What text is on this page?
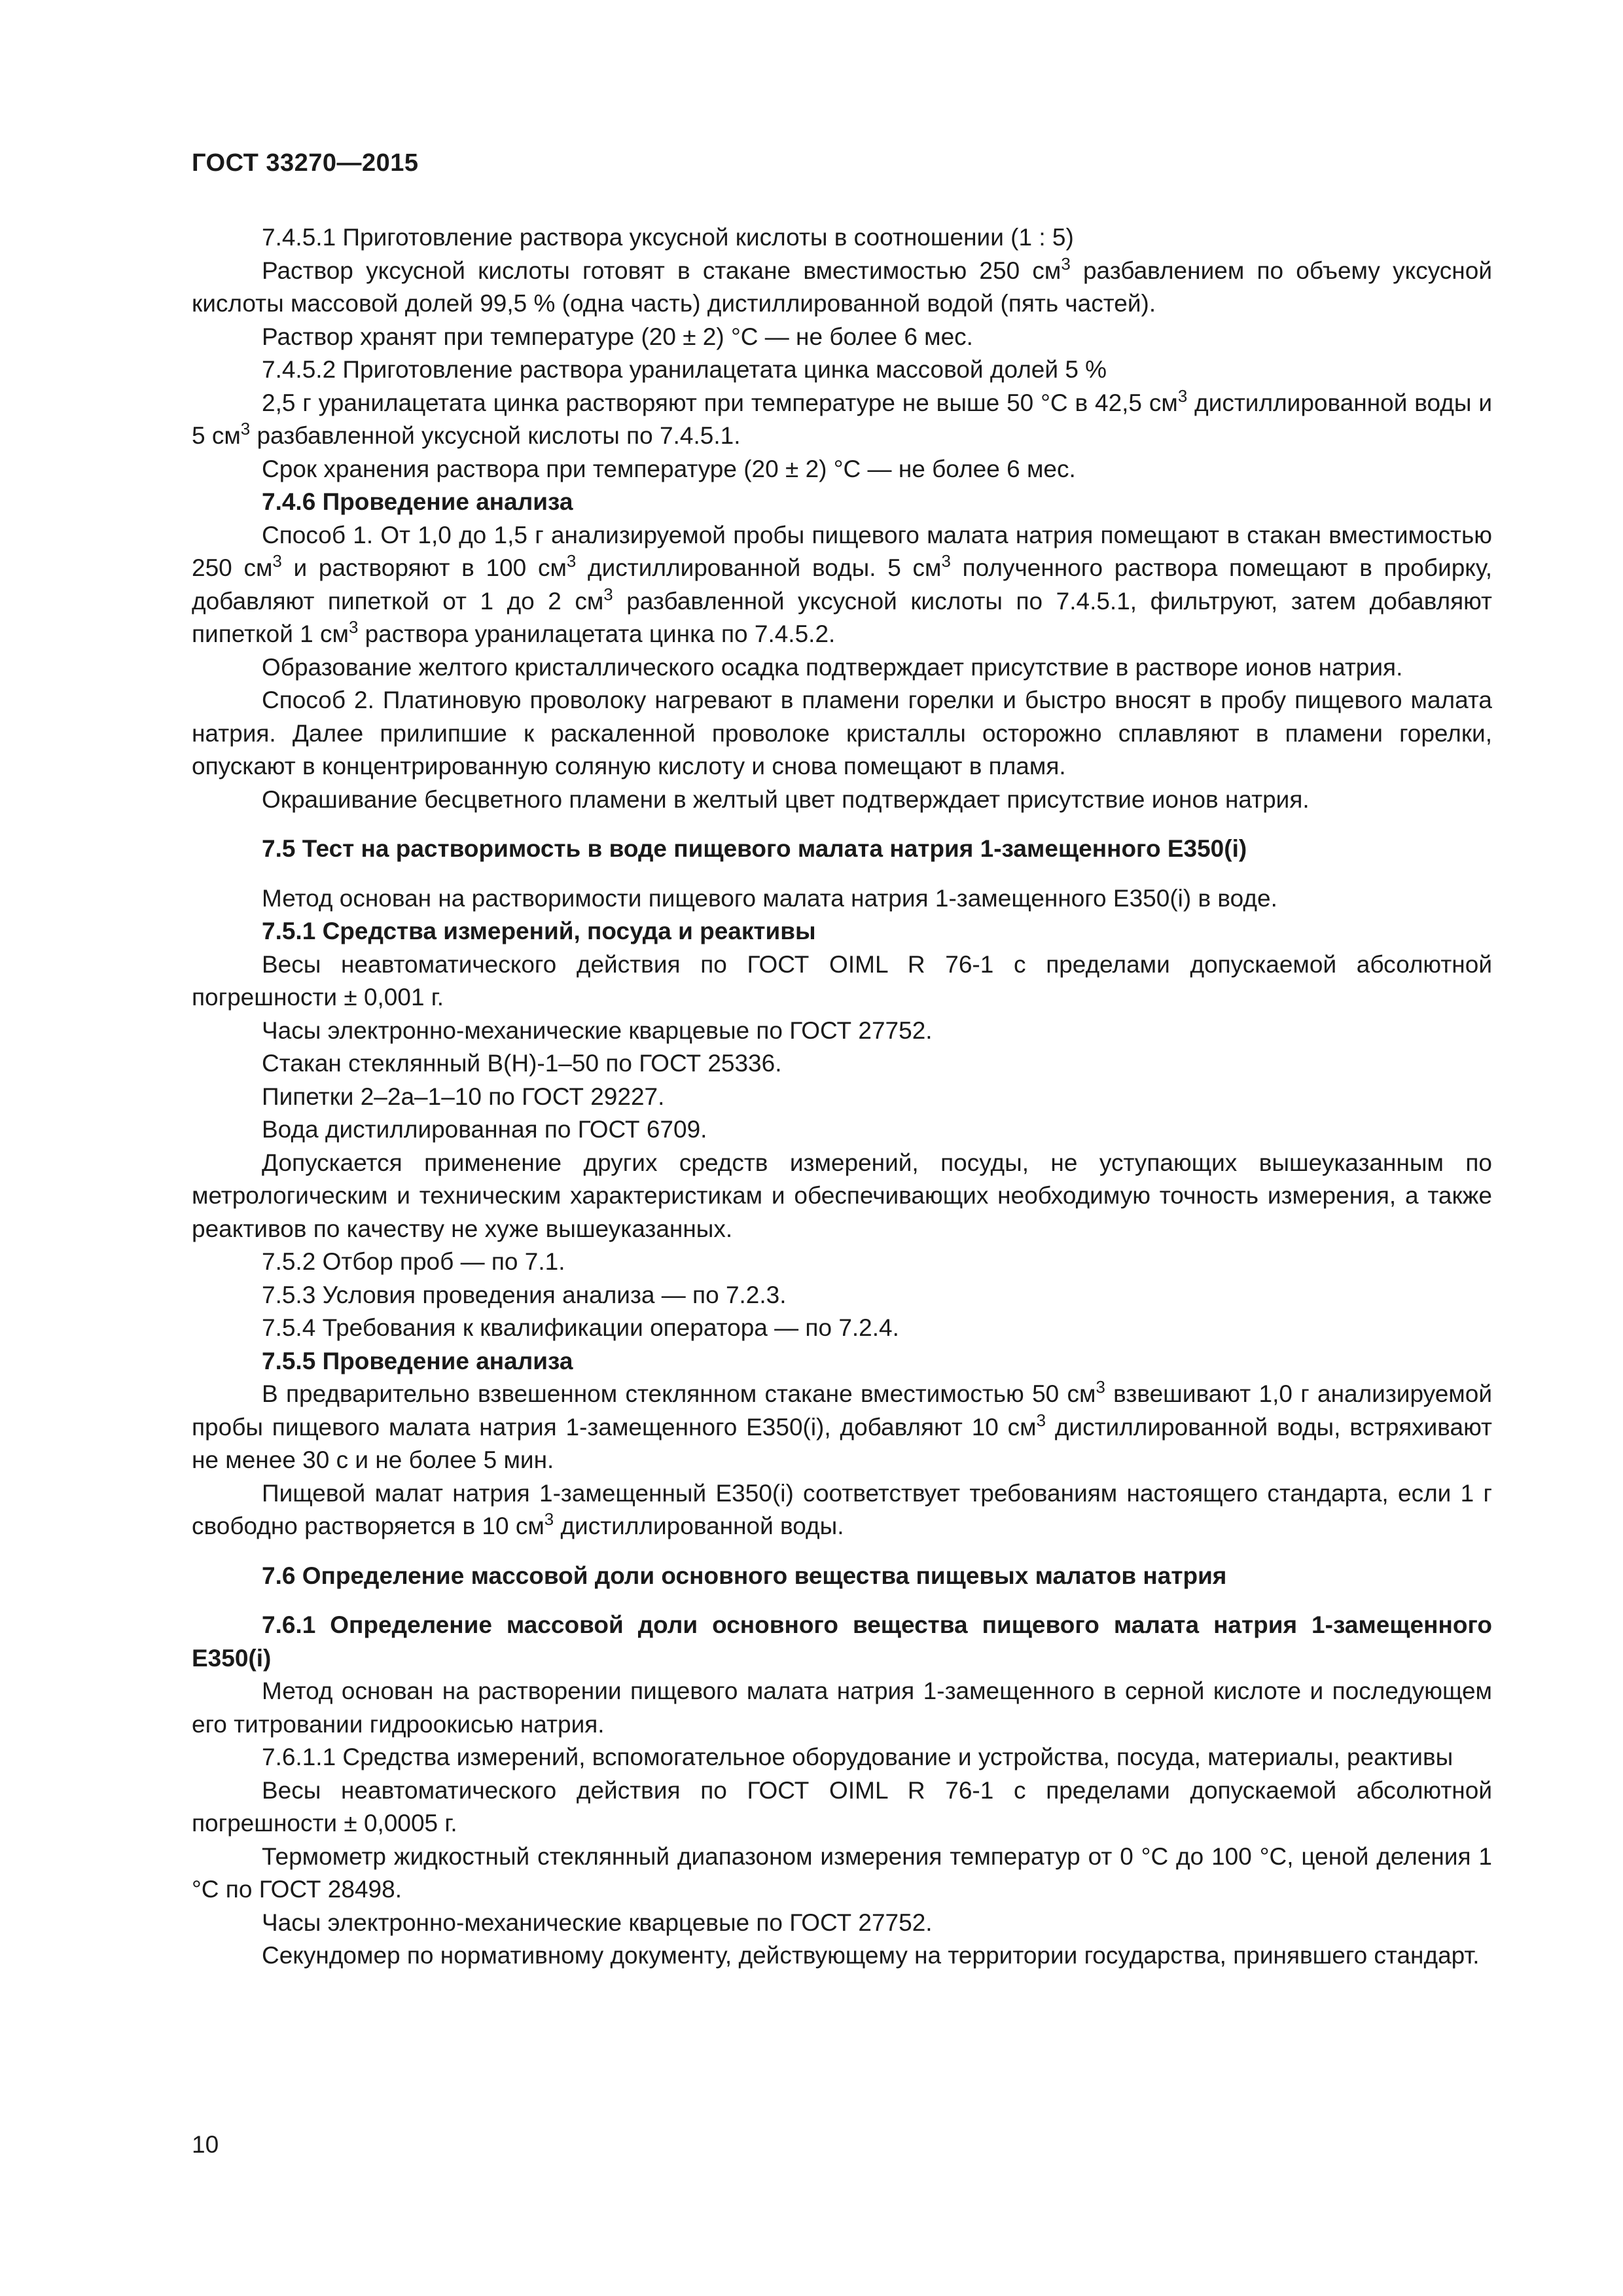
ГОСТ 33270—2015

7.4.5.1 Приготовление раствора уксусной кислоты в соотношении (1 : 5)

Раствор уксусной кислоты готовят в стакане вместимостью 250 $см^3$ разбавлением по объему уксусной кислоты массовой долей 99,5 % (одна часть) дистиллированной водой (пять частей).

Раствор хранят при температуре (20 ± 2) °С — не более 6 мес.

7.4.5.2 Приготовление раствора уранилацетата цинка массовой долей 5 %

2,5 г уранилацетата цинка растворяют при температуре не выше 50 °С в 42,5 $см^3$ дистиллированной воды и 5 $см^3$ разбавленной уксусной кислоты по 7.4.5.1.

Срок хранения раствора при температуре (20 ± 2) °С — не более 6 мес.

7.4.6 Проведение анализа

Способ 1. От 1,0 до 1,5 г анализируемой пробы пищевого малата натрия помещают в стакан вместимостью 250 $см^3$ и растворяют в 100 $см^3$ дистиллированной воды. 5 $см^3$ полученного раствора помещают в пробирку, добавляют пипеткой от 1 до 2 $см^3$ разбавленной уксусной кислоты по 7.4.5.1, фильтруют, затем добавляют пипеткой 1 $см^3$ раствора уранилацетата цинка по 7.4.5.2.

Образование желтого кристаллического осадка подтверждает присутствие в растворе ионов натрия.

Способ 2. Платиновую проволоку нагревают в пламени горелки и быстро вносят в пробу пищевого малата натрия. Далее прилипшие к раскаленной проволоке кристаллы осторожно сплавляют в пламени горелки, опускают в концентрированную соляную кислоту и снова помещают в пламя.

Окрашивание бесцветного пламени в желтый цвет подтверждает присутствие ионов натрия.

7.5 Тест на растворимость в воде пищевого малата натрия 1-замещенного Е350(i)

Метод основан на растворимости пищевого малата натрия 1-замещенного Е350(i) в воде.

7.5.1 Средства измерений, посуда и реактивы

Весы неавтоматического действия по ГОСТ OIML R 76-1 с пределами допускаемой абсолютной погрешности ± 0,001 г.

Часы электронно-механические кварцевые по ГОСТ 27752.

Стакан стеклянный В(Н)-1–50 по ГОСТ 25336.

Пипетки 2–2а–1–10 по ГОСТ 29227.

Вода дистиллированная по ГОСТ 6709.

Допускается применение других средств измерений, посуды, не уступающих вышеуказанным по метрологическим и техническим характеристикам и обеспечивающих необходимую точность измерения, а также реактивов по качеству не хуже вышеуказанных.

7.5.2 Отбор проб — по 7.1.

7.5.3 Условия проведения анализа — по 7.2.3.

7.5.4 Требования к квалификации оператора — по 7.2.4.

7.5.5 Проведение анализа

В предварительно взвешенном стеклянном стакане вместимостью 50 $см^3$ взвешивают 1,0 г анализируемой пробы пищевого малата натрия 1-замещенного Е350(i), добавляют 10 $см^3$ дистиллированной воды, встряхивают не менее 30 с и не более 5 мин.

Пищевой малат натрия 1-замещенный Е350(i) соответствует требованиям настоящего стандарта, если 1 г свободно растворяется в 10 $см^3$ дистиллированной воды.

7.6 Определение массовой доли основного вещества пищевых малатов натрия

7.6.1 Определение массовой доли основного вещества пищевого малата натрия 1-замещенного Е350(i)

Метод основан на растворении пищевого малата натрия 1-замещенного в серной кислоте и последующем его титровании гидроокисью натрия.

7.6.1.1 Средства измерений, вспомогательное оборудование и устройства, посуда, материалы, реактивы

Весы неавтоматического действия по ГОСТ OIML R 76-1 с пределами допускаемой абсолютной погрешности ± 0,0005 г.

Термометр жидкостный стеклянный диапазоном измерения температур от 0 °С до 100 °С, ценой деления 1 °С по ГОСТ 28498.

Часы электронно-механические кварцевые по ГОСТ 27752.

Секундомер по нормативному документу, действующему на территории государства, принявшего стандарт.

10
